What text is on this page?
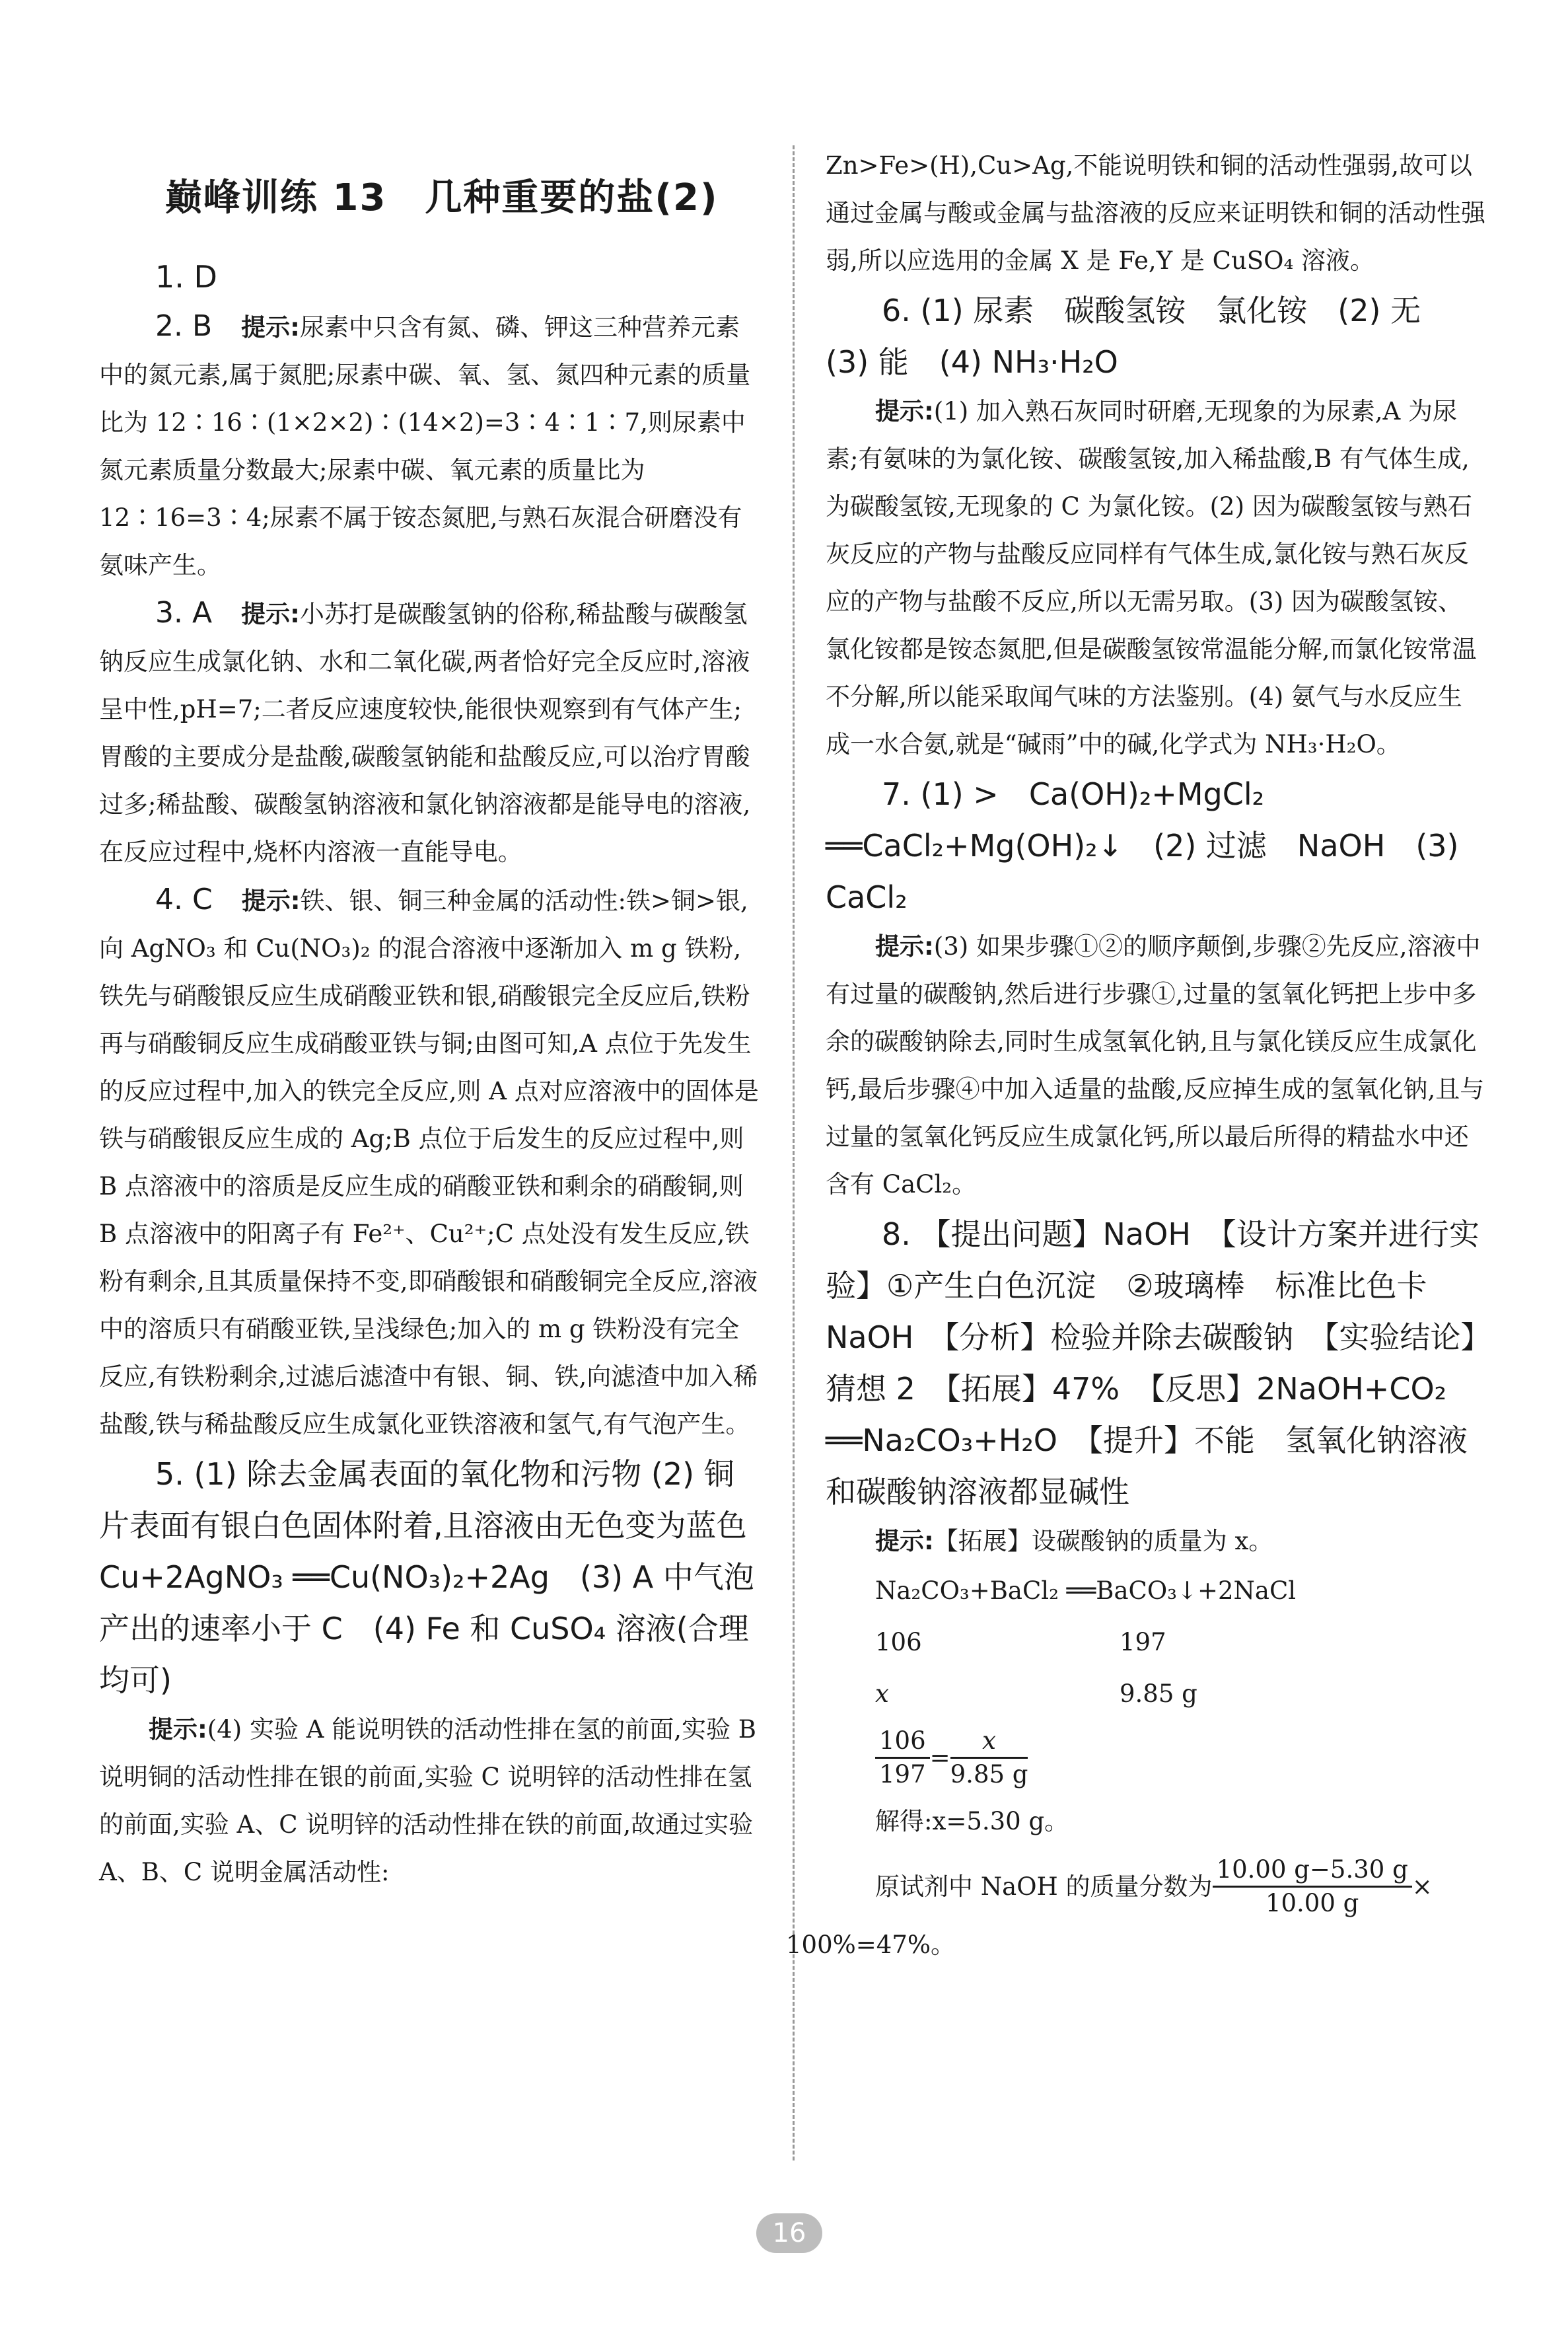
巅峰训练 13　几种重要的盐(2)

1. D

2. B　提示:尿素中只含有氮、磷、钾这三种营养元素中的氮元素,属于氮肥;尿素中碳、氧、氢、氮四种元素的质量比为 12∶16∶(1×2×2)∶(14×2)=3∶4∶1∶7,则尿素中氮元素质量分数最大;尿素中碳、氧元素的质量比为 12∶16=3∶4;尿素不属于铵态氮肥,与熟石灰混合研磨没有氨味产生。

3. A　提示:小苏打是碳酸氢钠的俗称,稀盐酸与碳酸氢钠反应生成氯化钠、水和二氧化碳,两者恰好完全反应时,溶液呈中性,pH=7;二者反应速度较快,能很快观察到有气体产生;胃酸的主要成分是盐酸,碳酸氢钠能和盐酸反应,可以治疗胃酸过多;稀盐酸、碳酸氢钠溶液和氯化钠溶液都是能导电的溶液,在反应过程中,烧杯内溶液一直能导电。

4. C　提示:铁、银、铜三种金属的活动性:铁>铜>银,向 AgNO₃ 和 Cu(NO₃)₂ 的混合溶液中逐渐加入 m g 铁粉,铁先与硝酸银反应生成硝酸亚铁和银,硝酸银完全反应后,铁粉再与硝酸铜反应生成硝酸亚铁与铜;由图可知,A 点位于先发生的反应过程中,加入的铁完全反应,则 A 点对应溶液中的固体是铁与硝酸银反应生成的 Ag;B 点位于后发生的反应过程中,则 B 点溶液中的溶质是反应生成的硝酸亚铁和剩余的硝酸铜,则 B 点溶液中的阳离子有 Fe²⁺、Cu²⁺;C 点处没有发生反应,铁粉有剩余,且其质量保持不变,即硝酸银和硝酸铜完全反应,溶液中的溶质只有硝酸亚铁,呈浅绿色;加入的 m g 铁粉没有完全反应,有铁粉剩余,过滤后滤渣中有银、铜、铁,向滤渣中加入稀盐酸,铁与稀盐酸反应生成氯化亚铁溶液和氢气,有气泡产生。

5. (1) 除去金属表面的氧化物和污物 (2) 铜片表面有银白色固体附着,且溶液由无色变为蓝色　Cu+2AgNO₃ ══Cu(NO₃)₂+2Ag　(3) A 中气泡产出的速率小于 C　(4) Fe 和 CuSO₄ 溶液(合理均可)

提示:(4) 实验 A 能说明铁的活动性排在氢的前面,实验 B 说明铜的活动性排在银的前面,实验 C 说明锌的活动性排在氢的前面,实验 A、C 说明锌的活动性排在铁的前面,故通过实验 A、B、C 说明金属活动性:

Zn>Fe>(H),Cu>Ag,不能说明铁和铜的活动性强弱,故可以通过金属与酸或金属与盐溶液的反应来证明铁和铜的活动性强弱,所以应选用的金属 X 是 Fe,Y 是 CuSO₄ 溶液。

6. (1) 尿素　碳酸氢铵　氯化铵　(2) 无　(3) 能　(4) NH₃·H₂O

提示:(1) 加入熟石灰同时研磨,无现象的为尿素,A 为尿素;有氨味的为氯化铵、碳酸氢铵,加入稀盐酸,B 有气体生成,为碳酸氢铵,无现象的 C 为氯化铵。(2) 因为碳酸氢铵与熟石灰反应的产物与盐酸反应同样有气体生成,氯化铵与熟石灰反应的产物与盐酸不反应,所以无需另取。(3) 因为碳酸氢铵、氯化铵都是铵态氮肥,但是碳酸氢铵常温能分解,而氯化铵常温不分解,所以能采取闻气味的方法鉴别。(4) 氨气与水反应生成一水合氨,就是“碱雨”中的碱,化学式为 NH₃·H₂O。

7. (1) >　Ca(OH)₂+MgCl₂ ══CaCl₂+Mg(OH)₂↓　(2) 过滤　NaOH　(3) CaCl₂

提示:(3) 如果步骤①②的顺序颠倒,步骤②先反应,溶液中有过量的碳酸钠,然后进行步骤①,过量的氢氧化钙把上步中多余的碳酸钠除去,同时生成氢氧化钠,且与氯化镁反应生成氯化钙,最后步骤④中加入适量的盐酸,反应掉生成的氢氧化钠,且与过量的氢氧化钙反应生成氯化钙,所以最后所得的精盐水中还含有 CaCl₂。

8. 【提出问题】NaOH　【设计方案并进行实验】①产生白色沉淀　②玻璃棒　标准比色卡　NaOH　【分析】检验并除去碳酸钠　【实验结论】猜想 2　【拓展】47%　【反思】2NaOH+CO₂ ══Na₂CO₃+H₂O　【提升】不能　氢氧化钠溶液和碳酸钠溶液都显碱性

提示:【拓展】设碳酸钠的质量为 x。

Na₂CO₃+BaCl₂ ══BaCO₃↓+2NaCl
106	197
x	9.85 g
$\frac{106}{197} = \frac{x}{9.85 g}$
解得:x=5.30 g。
原试剂中 NaOH 的质量分数为 $\frac{10.00 g-5.30 g}{10.00 g}$ ×

100%=47%。

16
